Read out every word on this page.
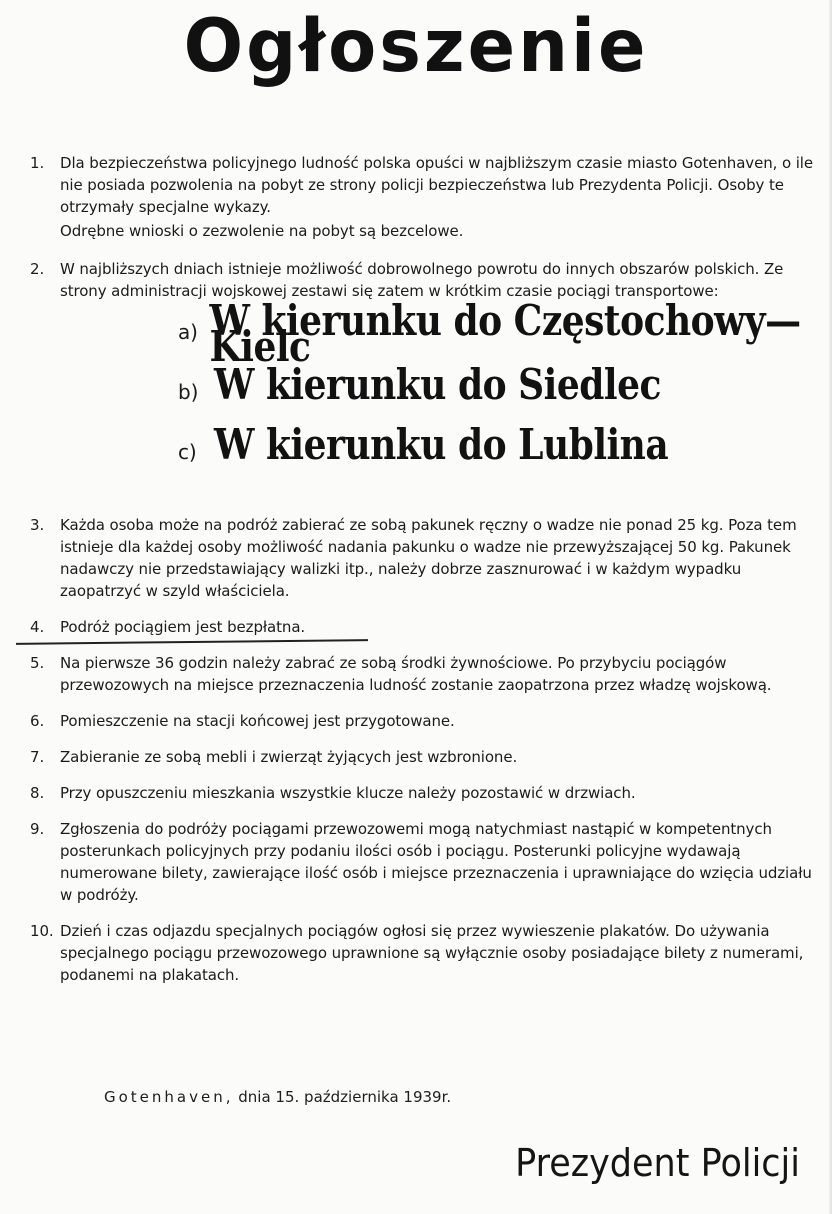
Ogłoszenie
1. Dla bezpieczeństwa policyjnego ludność polska opuści w najbliższym czasie miasto Gotenhaven, o ile nie posiada pozwolenia na pobyt ze strony policji bezpieczeństwa lub Prezydenta Policji. Osoby te otrzymały specjalne wykazy.

Odrębne wnioski o zezwolenie na pobyt są bezcelowe.

2. W najbliższych dniach istnieje możliwość dobrowolnego powrotu do innych obszarów polskich. Ze strony administracji wojskowej zestawi się zatem w krótkim czasie pociągi transportowe:

a) W kierunku do Częstochowy—Kielc
b) W kierunku do Siedlec
c) W kierunku do Lublina
3. Każda osoba może na podróż zabierać ze sobą pakunek ręczny o wadze nie ponad 25 kg. Poza tem istnieje dla każdej osoby możliwość nadania pakunku o wadze nie przewyższającej 50 kg. Pakunek nadawczy nie przedstawiający walizki itp., należy dobrze zasznurować i w każdym wypadku zaopatrzyć w szyld właściciela.

4. Podróż pociągiem jest bezpłatna.

5. Na pierwsze 36 godzin należy zabrać ze sobą środki żywnościowe. Po przybyciu pociągów przewozowych na miejsce przeznaczenia ludność zostanie zaopatrzona przez władzę wojskową.

6. Pomieszczenie na stacji końcowej jest przygotowane.

7. Zabieranie ze sobą mebli i zwierząt żyjących jest wzbronione.

8. Przy opuszczeniu mieszkania wszystkie klucze należy pozostawić w drzwiach.

9. Zgłoszenia do podróży pociągami przewozowemi mogą natychmiast nastąpić w kompetentnych posterunkach policyjnych przy podaniu ilości osób i pociągu. Posterunki policyjne wydawają numerowane bilety, zawierające ilość osób i miejsce przeznaczenia i uprawniające do wzięcia udziału w podróży.

10. Dzień i czas odjazdu specjalnych pociągów ogłosi się przez wywieszenie plakatów. Do używania specjalnego pociągu przewozowego uprawnione są wyłącznie osoby posiadające bilety z numerami, podanemi na plakatach.

Gotenhaven, dnia 15. października 1939r.
Prezydent Policji
